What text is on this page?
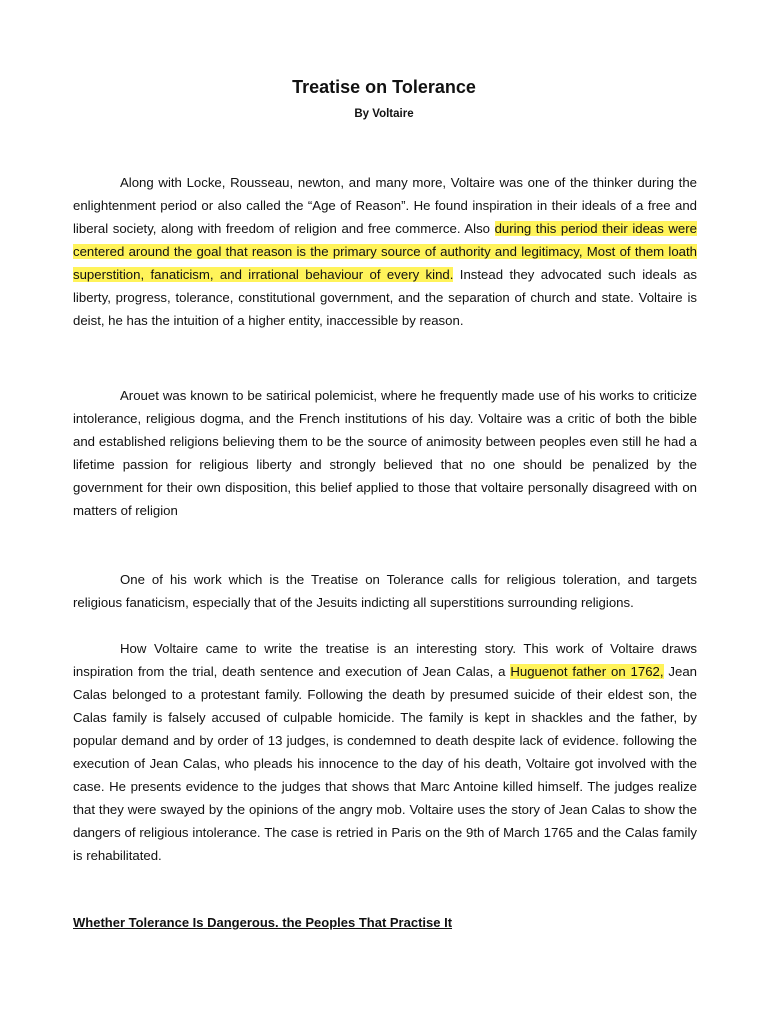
Treatise on Tolerance
By Voltaire

Along with Locke, Rousseau, newton, and many more, Voltaire was one of the thinker during the enlightenment period or also called the “Age of Reason”. He found inspiration in their ideals of a free and liberal society, along with freedom of religion and free commerce. Also during this period their ideas were centered around the goal that reason is the primary source of authority and legitimacy, Most of them loath superstition, fanaticism, and irrational behaviour of every kind. Instead they advocated such ideals as liberty, progress, tolerance, constitutional government, and the separation of church and state. Voltaire is deist, he has the intuition of a higher entity, inaccessible by reason.

Arouet was known to be satirical polemicist, where he frequently made use of his works to criticize intolerance, religious dogma, and the French institutions of his day. Voltaire was a critic of both the bible and established religions believing them to be the source of animosity between peoples even still he had a lifetime passion for religious liberty and strongly believed that no one should be penalized by the government for their own disposition, this belief applied to those that voltaire personally disagreed with on matters of religion

One of his work which is the Treatise on Tolerance calls for religious toleration, and targets religious fanaticism, especially that of the Jesuits indicting all superstitions surrounding religions.

How Voltaire came to write the treatise is an interesting story. This work of Voltaire draws inspiration from the trial, death sentence and execution of Jean Calas, a Huguenot father on 1762, Jean Calas belonged to a protestant family. Following the death by presumed suicide of their eldest son, the Calas family is falsely accused of culpable homicide. The family is kept in shackles and the father, by popular demand and by order of 13 judges, is condemned to death despite lack of evidence. following the execution of Jean Calas, who pleads his innocence to the day of his death, Voltaire got involved with the case. He presents evidence to the judges that shows that Marc Antoine killed himself. The judges realize that they were swayed by the opinions of the angry mob. Voltaire uses the story of Jean Calas to show the dangers of religious intolerance. The case is retried in Paris on the 9th of March 1765 and the Calas family is rehabilitated.

Whether Tolerance Is Dangerous. the Peoples That Practise It
